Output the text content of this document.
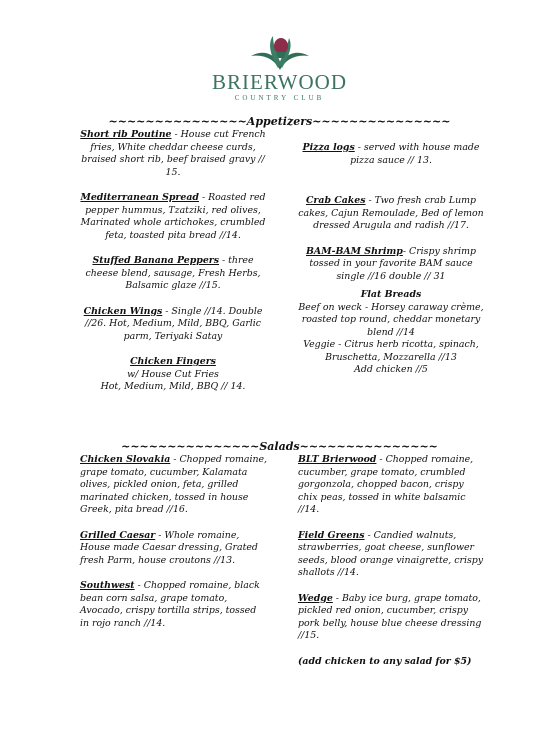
BRIERWOOD
COUNTRY CLUB
~~~~~~~~~~~~~~~Appetizers~~~~~~~~~~~~~~~
Short rib Poutine - House cut French fries, White cheddar cheese curds, braised short rib, beef braised gravy // 15.
Mediterranean Spread - Roasted red pepper hummus, Tzatziki, red olives, Marinated whole artichokes, crumbled feta, toasted pita bread //14.
Stuffed Banana Peppers - three cheese blend, sausage, Fresh Herbs, Balsamic glaze //15.
Chicken Wings - Single //14. Double //26. Hot, Medium, Mild, BBQ, Garlic parm, Teriyaki Satay
Chicken Fingers
w/ House Cut Fries
Hot, Medium, Mild, BBQ // 14.
Pizza logs - served with house made pizza sauce // 13.
Crab Cakes - Two fresh crab Lump cakes, Cajun Remoulade, Bed of lemon dressed Arugula and radish //17.
BAM-BAM Shrimp- Crispy shrimp tossed in your favorite BAM sauce single //16 double // 31
Flat Breads
Beef on weck - Horsey caraway crème, roasted top round, cheddar monetary blend //14
Veggie - Citrus herb ricotta, spinach, Bruschetta, Mozzarella //13
Add chicken //5
~~~~~~~~~~~~~~~Salads~~~~~~~~~~~~~~~
Chicken Slovakia - Chopped romaine, grape tomato, cucumber, Kalamata olives, pickled onion, feta, grilled marinated chicken, tossed in house Greek, pita bread //16.
Grilled Caesar - Whole romaine, House made Caesar dressing, Grated fresh Parm, house croutons //13.
Southwest - Chopped romaine, black bean corn salsa, grape tomato, Avocado, crispy tortilla strips, tossed in rojo ranch //14.
BLT Brierwood - Chopped romaine, cucumber, grape tomato, crumbled gorgonzola, chopped bacon, crispy chix peas, tossed in white balsamic //14.
Field Greens - Candied walnuts, strawberries, goat cheese, sunflower seeds, blood orange vinaigrette, crispy shallots //14.
Wedge - Baby ice burg, grape tomato, pickled red onion, cucumber, crispy pork belly, house blue cheese dressing //15.
(add chicken to any salad for $5)
